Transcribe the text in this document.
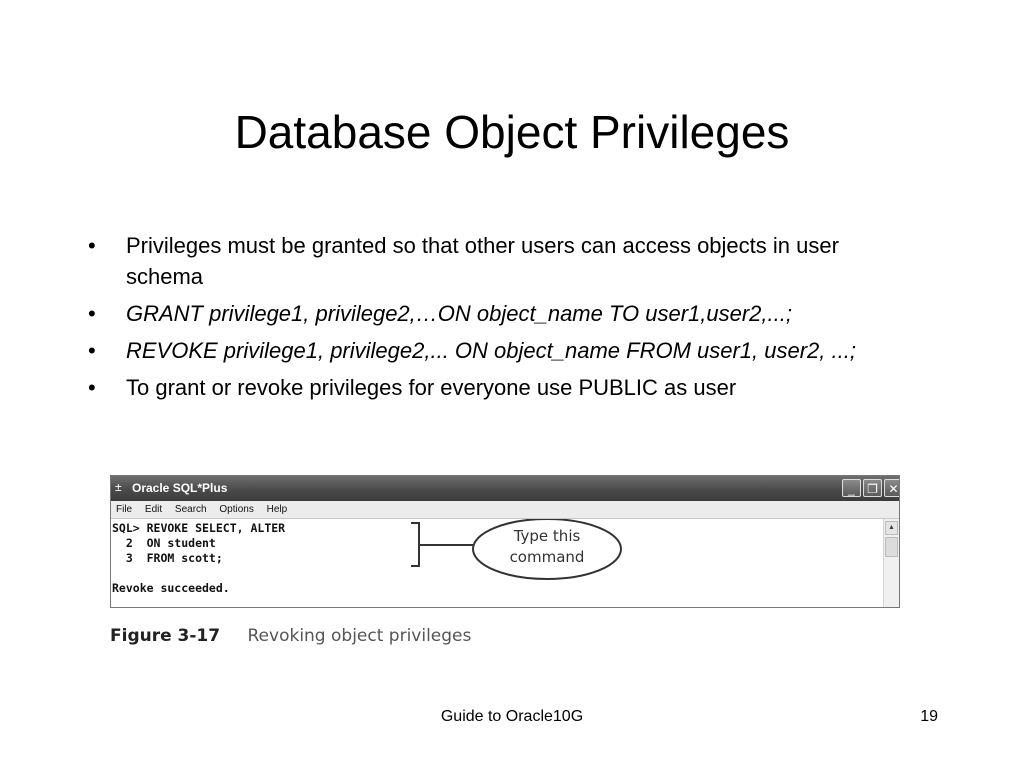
Database Object Privileges
• Privileges must be granted so that other users can access objects in user schema
• GRANT privilege1, privilege2,…ON object_name TO user1,user2,...;
• REVOKE privilege1, privilege2,... ON object_name FROM user1, user2, ...;
• To grant or revoke privileges for everyone use PUBLIC as user
± Oracle SQL*Plus	_	❐ ✕
File Edit Search Options Help
SQL> REVOKE SELECT, ALTER
2  ON student
3  FROM scott;
Revoke succeeded.
Type this
command
▲
Figure 3-17 Revoking object privileges
Guide to Oracle10G	19
